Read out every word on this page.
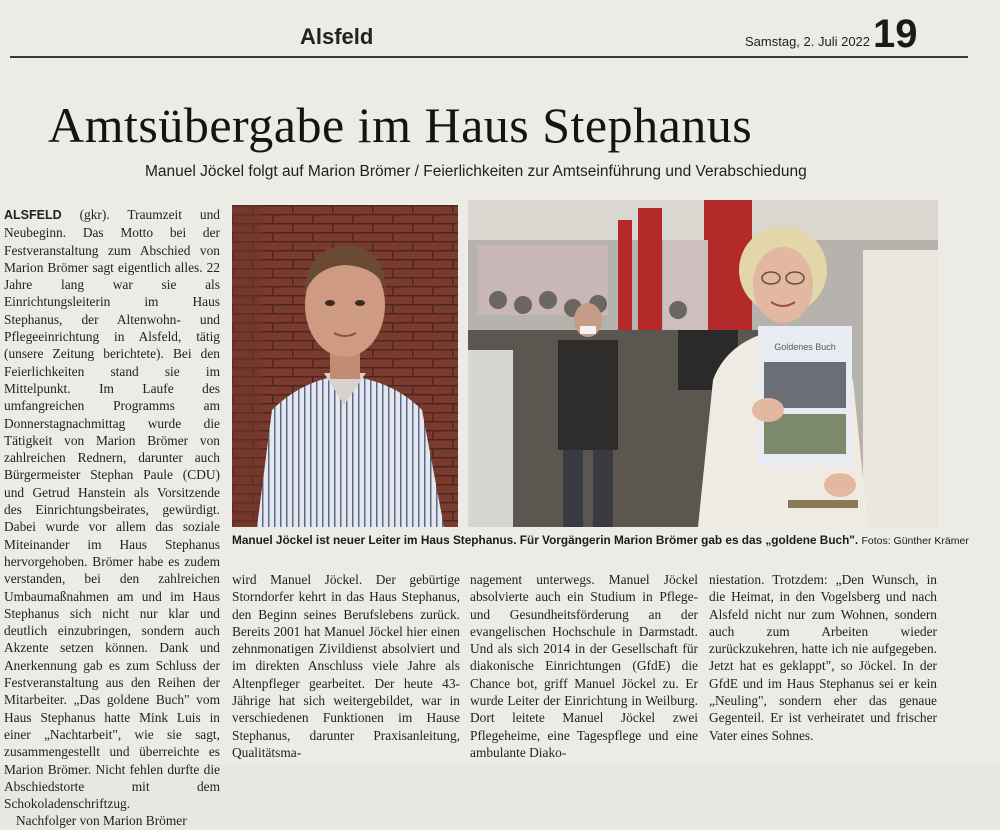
Alsfeld	Samstag, 2. Juli 2022 19
Amtsübergabe im Haus Stephanus
Manuel Jöckel folgt auf Marion Brömer / Feierlichkeiten zur Amtseinführung und Verabschiedung

ALSFELD (gkr). Traumzeit und Neubeginn. Das Motto bei der Festveranstaltung zum Abschied von Marion Brömer sagt eigentlich alles. 22 Jahre lang war sie als Einrichtungsleiterin im Haus Stephanus, der Altenwohn- und Pflegeeinrichtung in Alsfeld, tätig (unsere Zeitung berichtete). Bei den Feierlichkeiten stand sie im Mittelpunkt. Im Laufe des umfangreichen Programms am Donnerstagnachmittag wurde die Tätigkeit von Marion Brömer von zahlreichen Rednern, darunter auch Bürgermeister Stephan Paule (CDU) und Getrud Hanstein als Vorsitzende des Einrichtungsbeirates, gewürdigt. Dabei wurde vor allem das soziale Miteinander im Haus Stephanus hervorgehoben. Brömer habe es zudem verstanden, bei den zahlreichen Umbaumaßnahmen am und im Haus Stephanus sich nicht nur klar und deutlich einzubringen, sondern auch Akzente setzen können. Dank und Anerkennung gab es zum Schluss der Festveranstaltung aus den Reihen der Mitarbeiter. „Das goldene Buch" vom Haus Stephanus hatte Mink Luis in einer „Nachtarbeit", wie sie sagt, zusammengestellt und überreichte es Marion Brömer. Nicht fehlen durfte die Abschiedstorte mit dem Schokoladenschriftzug.

Nachfolger von Marion Brömer

Goldenes Buch
Manuel Jöckel ist neuer Leiter im Haus Stephanus. Für Vorgängerin Marion Brömer gab es das „goldene Buch". Fotos: Günther Krämer
wird Manuel Jöckel. Der gebürtige Storndorfer kehrt in das Haus Stephanus, den Beginn seines Berufslebens zurück. Bereits 2001 hat Manuel Jöckel hier einen zehnmonatigen Zivildienst absolviert und im direkten Anschluss viele Jahre als Altenpfleger gearbeitet. Der heute 43-Jährige hat sich weitergebildet, war in verschiedenen Funktionen im Hause Stephanus, darunter Praxisanleitung, Qualitätsma-
nagement unterwegs. Manuel Jöckel absolvierte auch ein Studium in Pflege- und Gesundheitsförderung an der evangelischen Hochschule in Darmstadt. Und als sich 2014 in der Gesellschaft für diakonische Einrichtungen (GfdE) die Chance bot, griff Manuel Jöckel zu. Er wurde Leiter der Einrichtung in Weilburg. Dort leitete Manuel Jöckel zwei Pflegeheime, eine Tagespflege und eine ambulante Diako-
niestation. Trotzdem: „Den Wunsch, in die Heimat, in den Vogelsberg und nach Alsfeld nicht nur zum Wohnen, sondern auch zum Arbeiten wieder zurückzukehren, hatte ich nie aufgegeben. Jetzt hat es geklappt", so Jöckel. In der GfdE und im Haus Stephanus sei er kein „Neuling", sondern eher das genaue Gegenteil. Er ist verheiratet und frischer Vater eines Sohnes.
